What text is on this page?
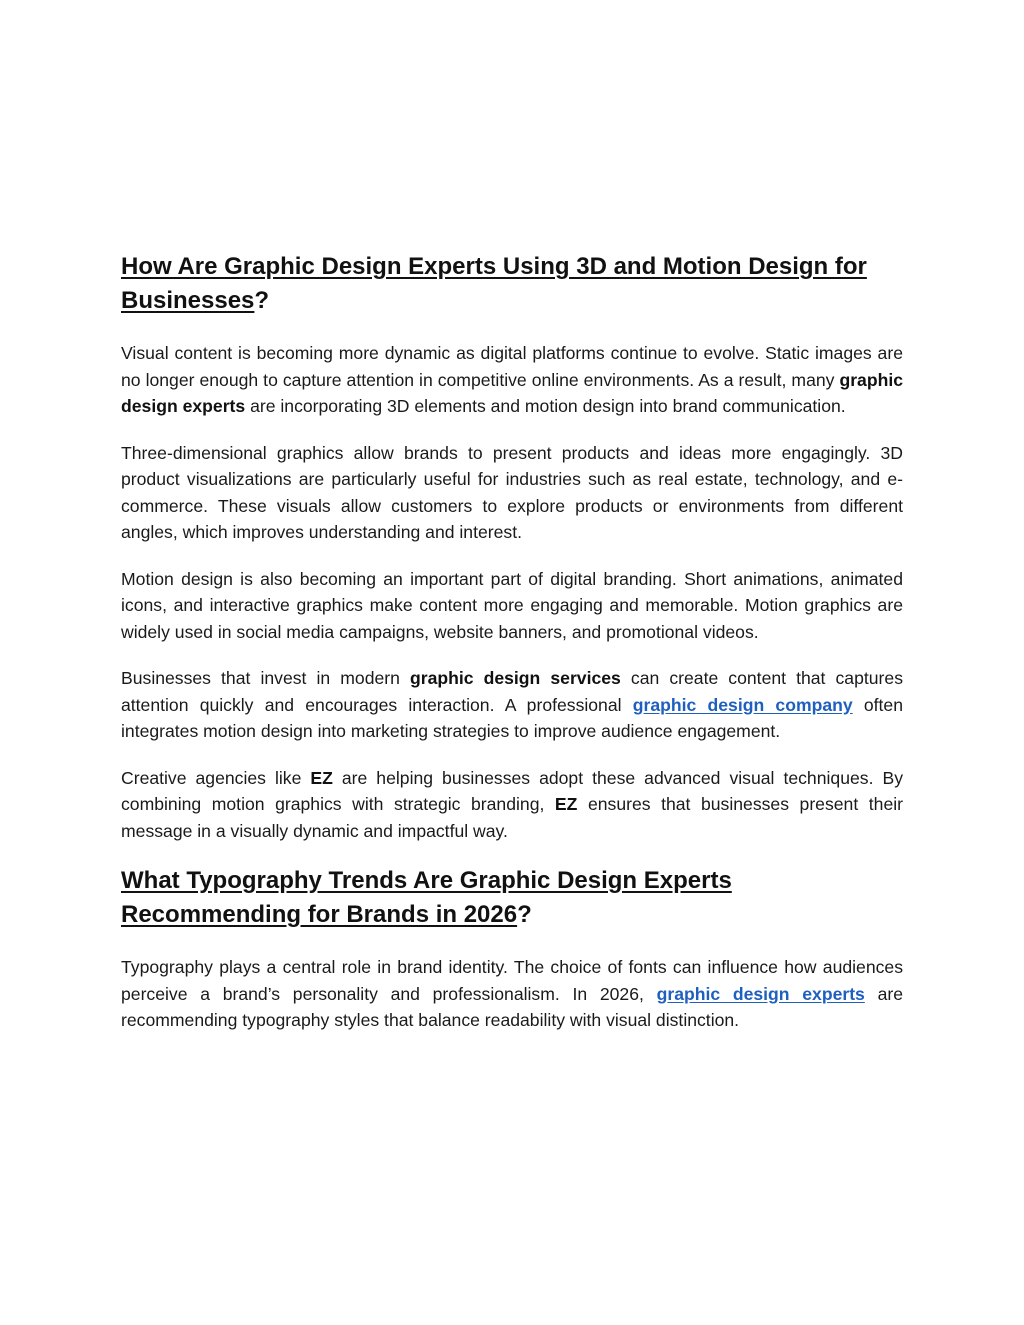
How Are Graphic Design Experts Using 3D and Motion Design for Businesses?

Visual content is becoming more dynamic as digital platforms continue to evolve. Static images are no longer enough to capture attention in competitive online environments. As a result, many graphic design experts are incorporating 3D elements and motion design into brand communication.

Three-dimensional graphics allow brands to present products and ideas more engagingly. 3D product visualizations are particularly useful for industries such as real estate, technology, and e-commerce. These visuals allow customers to explore products or environments from different angles, which improves understanding and interest.

Motion design is also becoming an important part of digital branding. Short animations, animated icons, and interactive graphics make content more engaging and memorable. Motion graphics are widely used in social media campaigns, website banners, and promotional videos.

Businesses that invest in modern graphic design services can create content that captures attention quickly and encourages interaction. A professional graphic design company often integrates motion design into marketing strategies to improve audience engagement.

Creative agencies like EZ are helping businesses adopt these advanced visual techniques. By combining motion graphics with strategic branding, EZ ensures that businesses present their message in a visually dynamic and impactful way.

What Typography Trends Are Graphic Design Experts Recommending for Brands in 2026?

Typography plays a central role in brand identity. The choice of fonts can influence how audiences perceive a brand’s personality and professionalism. In 2026, graphic design experts are recommending typography styles that balance readability with visual distinction.
